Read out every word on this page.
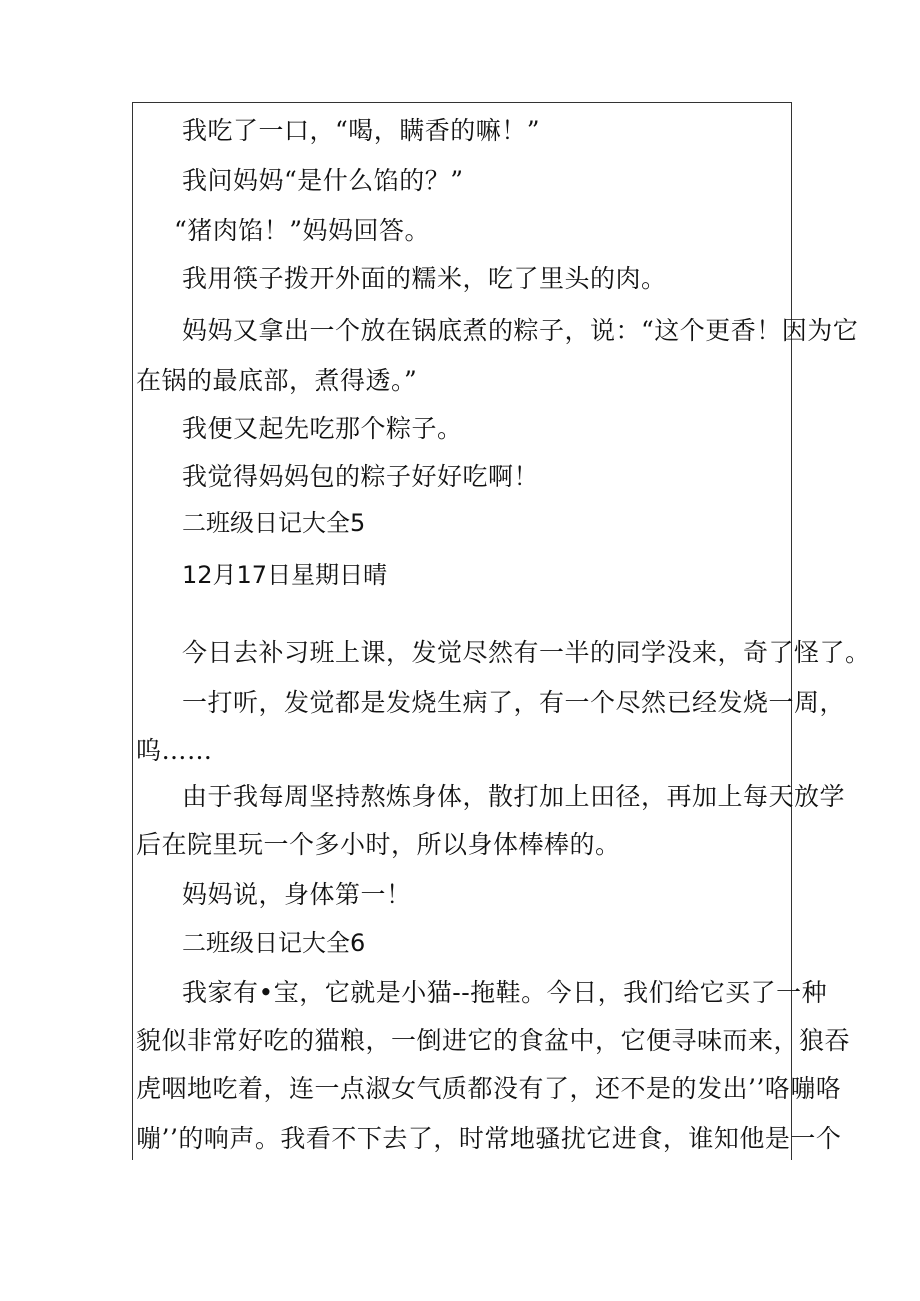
我吃了一口，“喝，瞒香的嘛！”
我问妈妈“是什么馅的？”
“猪肉馅！”妈妈回答。
我用筷子拨开外面的糯米，吃了里头的肉。
妈妈又拿出一个放在锅底煮的粽子，说：“这个更香！因为它
在锅的最底部，煮得透。”
我便又起先吃那个粽子。
我觉得妈妈包的粽子好好吃啊！
二班级日记大全5
12月17日星期日晴
今日去补习班上课，发觉尽然有一半的同学没来，奇了怪了。
一打听，发觉都是发烧生病了，有一个尽然已经发烧一周，
呜……
由于我每周坚持熬炼身体，散打加上田径，再加上每天放学
后在院里玩一个多小时，所以身体棒棒的。
妈妈说，身体第一！
二班级日记大全6
我家有•宝，它就是小猫--拖鞋。今日，我们给它买了一种
貌似非常好吃的猫粮，一倒进它的食盆中，它便寻味而来，狼吞
虎咽地吃着，连一点淑女气质都没有了，还不是的发出’’咯嘣咯
嘣’’的响声。我看不下去了，时常地骚扰它进食，谁知他是一个
